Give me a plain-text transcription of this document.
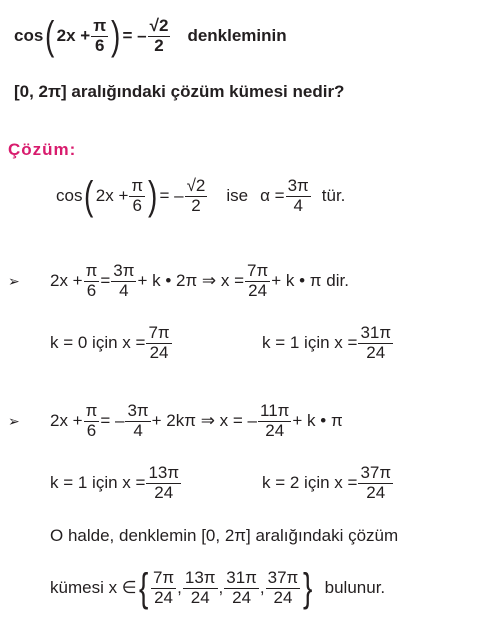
cos ( $2x + \frac{\pi}{6}$ ) = – $\frac{√2}{2}$ denkleminin
[0, 2π] aralığındaki çözüm kümesi nedir?
Çözüm:
cos ( $2x + \frac{\pi}{6}$ ) = – $\frac{√2}{2}$ ise $\alpha = \frac{3\pi}{4}$ tür.
➢	$2x + \frac{\pi}{6} = \frac{3\pi}{4} + k$ • 2π ⇒ $x = \frac{7\pi}{24} + k$ • π dir.
k = 0 için $x = \frac{7\pi}{24}$	k = 1 için $x = \frac{31\pi}{24}$
➢	$2x + \frac{\pi}{6}$ = – $\frac{3\pi}{4} + 2k\pi$ ⇒ x = – $\frac{11\pi}{24} + k$ • π
k = 1 için $x = \frac{13\pi}{24}$	k = 2 için $x = \frac{37\pi}{24}$
O halde, denklemin [0, 2π] aralığındaki çözüm
kümesi x ∈ { $\frac{7\pi}{24}$ , $\frac{13\pi}{24}$ , $\frac{31\pi}{24}$ , $\frac{37\pi}{24}$ } bulunur.
